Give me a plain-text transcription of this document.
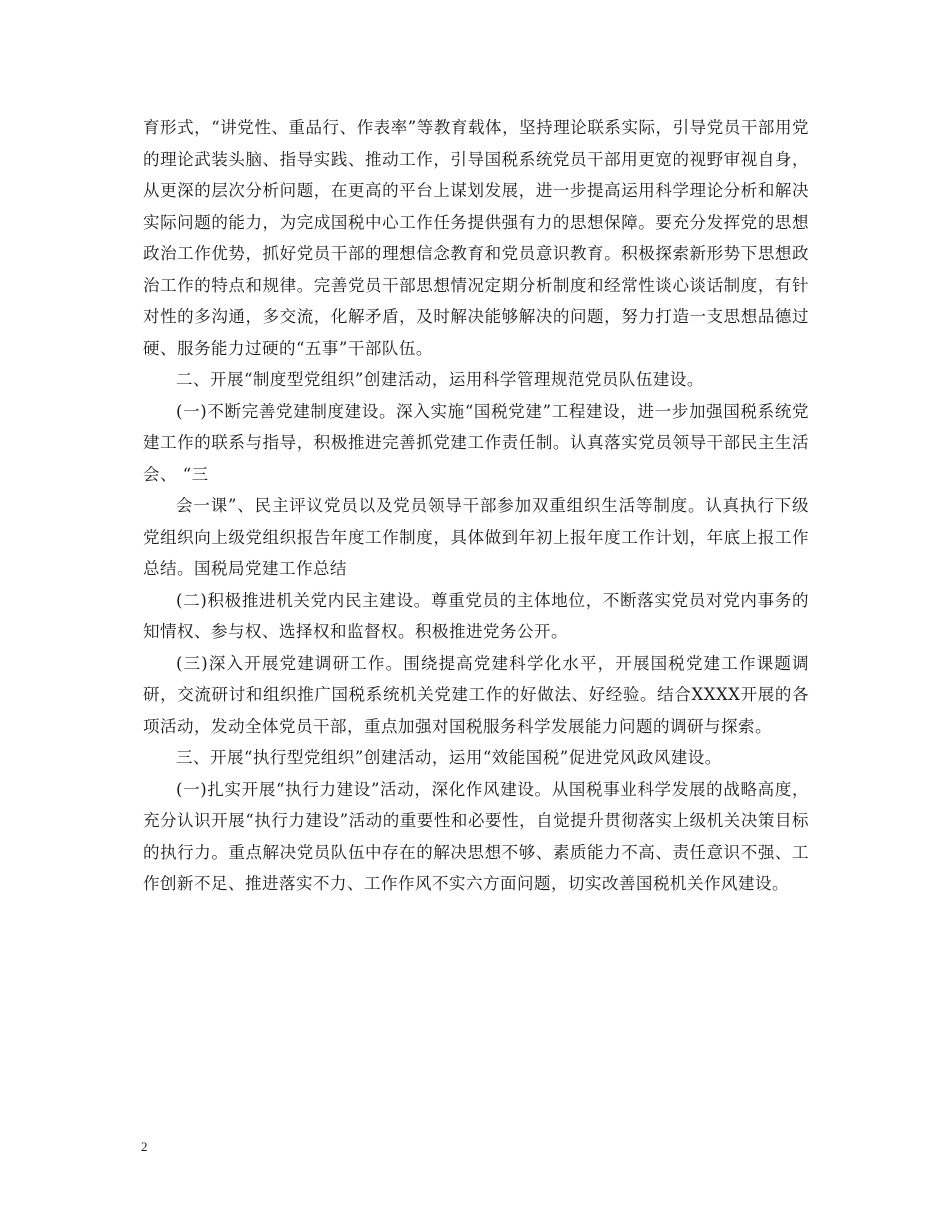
育形式，“讲党性、重品行、作表率”等教育载体，坚持理论联系实际，引导党员干部用党的理论武装头脑、指导实践、推动工作，引导国税系统党员干部用更宽的视野审视自身，从更深的层次分析问题，在更高的平台上谋划发展，进一步提高运用科学理论分析和解决实际问题的能力，为完成国税中心工作任务提供强有力的思想保障。要充分发挥党的思想政治工作优势，抓好党员干部的理想信念教育和党员意识教育。积极探索新形势下思想政治工作的特点和规律。完善党员干部思想情况定期分析制度和经常性谈心谈话制度，有针对性的多沟通，多交流，化解矛盾，及时解决能够解决的问题，努力打造一支思想品德过硬、服务能力过硬的“五事”干部队伍。

二、开展“制度型党组织”创建活动，运用科学管理规范党员队伍建设。

(一)不断完善党建制度建设。深入实施“国税党建”工程建设，进一步加强国税系统党建工作的联系与指导，积极推进完善抓党建工作责任制。认真落实党员领导干部民主生活会、 “三

会一课”、民主评议党员以及党员领导干部参加双重组织生活等制度。认真执行下级党组织向上级党组织报告年度工作制度，具体做到年初上报年度工作计划，年底上报工作总结。国税局党建工作总结

(二)积极推进机关党内民主建设。尊重党员的主体地位，不断落实党员对党内事务的知情权、参与权、选择权和监督权。积极推进党务公开。

(三)深入开展党建调研工作。围绕提高党建科学化水平，开展国税党建工作课题调研，交流研讨和组织推广国税系统机关党建工作的好做法、好经验。结合XXXX开展的各项活动，发动全体党员干部，重点加强对国税服务科学发展能力问题的调研与探索。

三、开展“执行型党组织”创建活动，运用“效能国税”促进党风政风建设。

(一)扎实开展“执行力建设”活动，深化作风建设。从国税事业科学发展的战略高度，充分认识开展“执行力建设”活动的重要性和必要性，自觉提升贯彻落实上级机关决策目标的执行力。重点解决党员队伍中存在的解决思想不够、素质能力不高、责任意识不强、工作创新不足、推进落实不力、工作作风不实六方面问题，切实改善国税机关作风建设。

2
